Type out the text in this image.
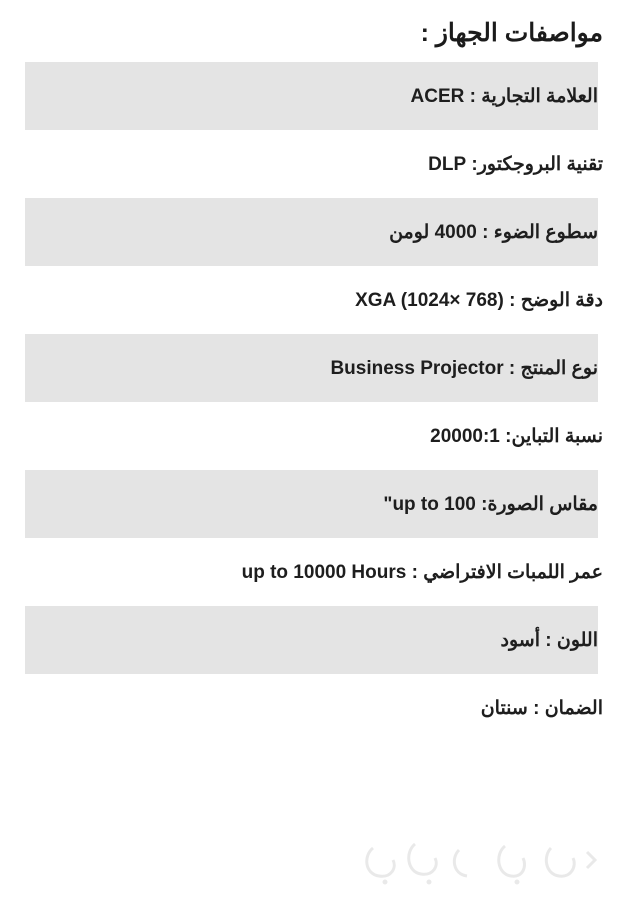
مواصفات الجهاز :
العلامة التجارية : ACER
تقنية البروجكتور: DLP
سطوع الضوء : 4000 لومن
دقة الوضح : XGA (1024× 768)
نوع المنتج : Business Projector
نسبة التباين: 20000:1
مقاس الصورة: up to 100"
عمر اللمبات الافتراضي : up to 10000 Hours
اللون : أسود
الضمان : سنتان
